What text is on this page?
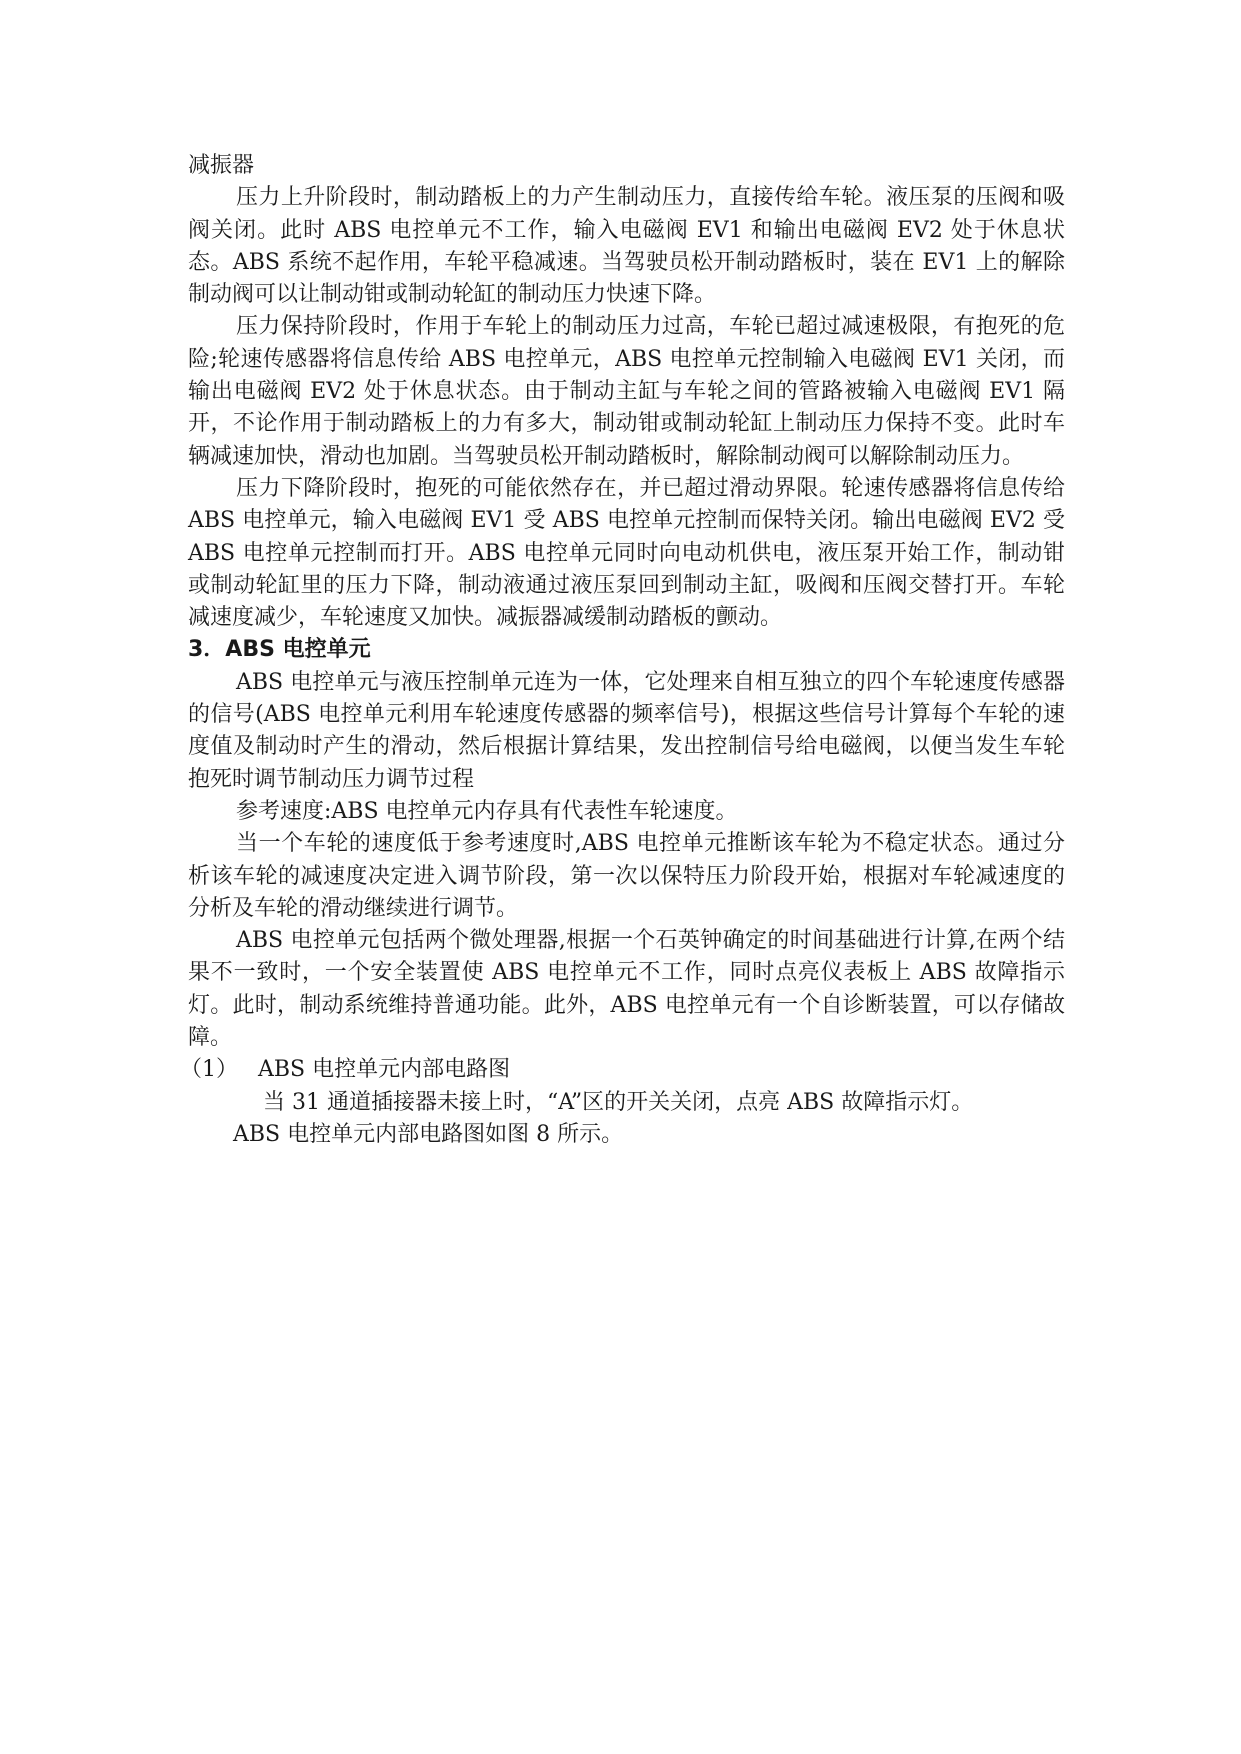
减振器

压力上升阶段时，制动踏板上的力产生制动压力，直接传给车轮。液压泵的压阀和吸阀关闭。此时 ABS 电控单元不工作，输入电磁阀 EV1 和输出电磁阀 EV2 处于休息状态。ABS 系统不起作用，车轮平稳减速。当驾驶员松开制动踏板时，装在 EV1 上的解除制动阀可以让制动钳或制动轮缸的制动压力快速下降。

压力保持阶段时，作用于车轮上的制动压力过高，车轮已超过减速极限，有抱死的危险;轮速传感器将信息传给 ABS 电控单元，ABS 电控单元控制输入电磁阀 EV1 关闭，而输出电磁阀 EV2 处于休息状态。由于制动主缸与车轮之间的管路被输入电磁阀 EV1 隔开，不论作用于制动踏板上的力有多大，制动钳或制动轮缸上制动压力保持不变。此时车辆减速加快，滑动也加剧。当驾驶员松开制动踏板时，解除制动阀可以解除制动压力。

压力下降阶段时，抱死的可能依然存在，并已超过滑动界限。轮速传感器将信息传给 ABS 电控单元，输入电磁阀 EV1 受 ABS 电控单元控制而保特关闭。输出电磁阀 EV2 受 ABS 电控单元控制而打开。ABS 电控单元同时向电动机供电，液压泵开始工作，制动钳或制动轮缸里的压力下降，制动液通过液压泵回到制动主缸，吸阀和压阀交替打开。车轮减速度减少，车轮速度又加快。减振器减缓制动踏板的颤动。

3．ABS 电控单元

ABS 电控单元与液压控制单元连为一体，它处理来自相互独立的四个车轮速度传感器的信号(ABS 电控单元利用车轮速度传感器的频率信号)，根据这些信号计算每个车轮的速度值及制动时产生的滑动，然后根据计算结果，发出控制信号给电磁阀，以便当发生车轮抱死时调节制动压力调节过程

参考速度:ABS 电控单元内存具有代表性车轮速度。

当一个车轮的速度低于参考速度时,ABS 电控单元推断该车轮为不稳定状态。通过分析该车轮的减速度决定进入调节阶段，第一次以保特压力阶段开始，根据对车轮减速度的分析及车轮的滑动继续进行调节。

ABS 电控单元包括两个微处理器,根据一个石英钟确定的时间基础进行计算,在两个结果不一致时，一个安全装置使 ABS 电控单元不工作，同时点亮仪表板上 ABS 故障指示灯。此时，制动系统维持普通功能。此外，ABS 电控单元有一个自诊断装置，可以存储故障。

（1） ABS 电控单元内部电路图

当 31 通道插接器未接上时，“A”区的开关关闭，点亮 ABS 故障指示灯。

ABS 电控单元内部电路图如图 8 所示。
